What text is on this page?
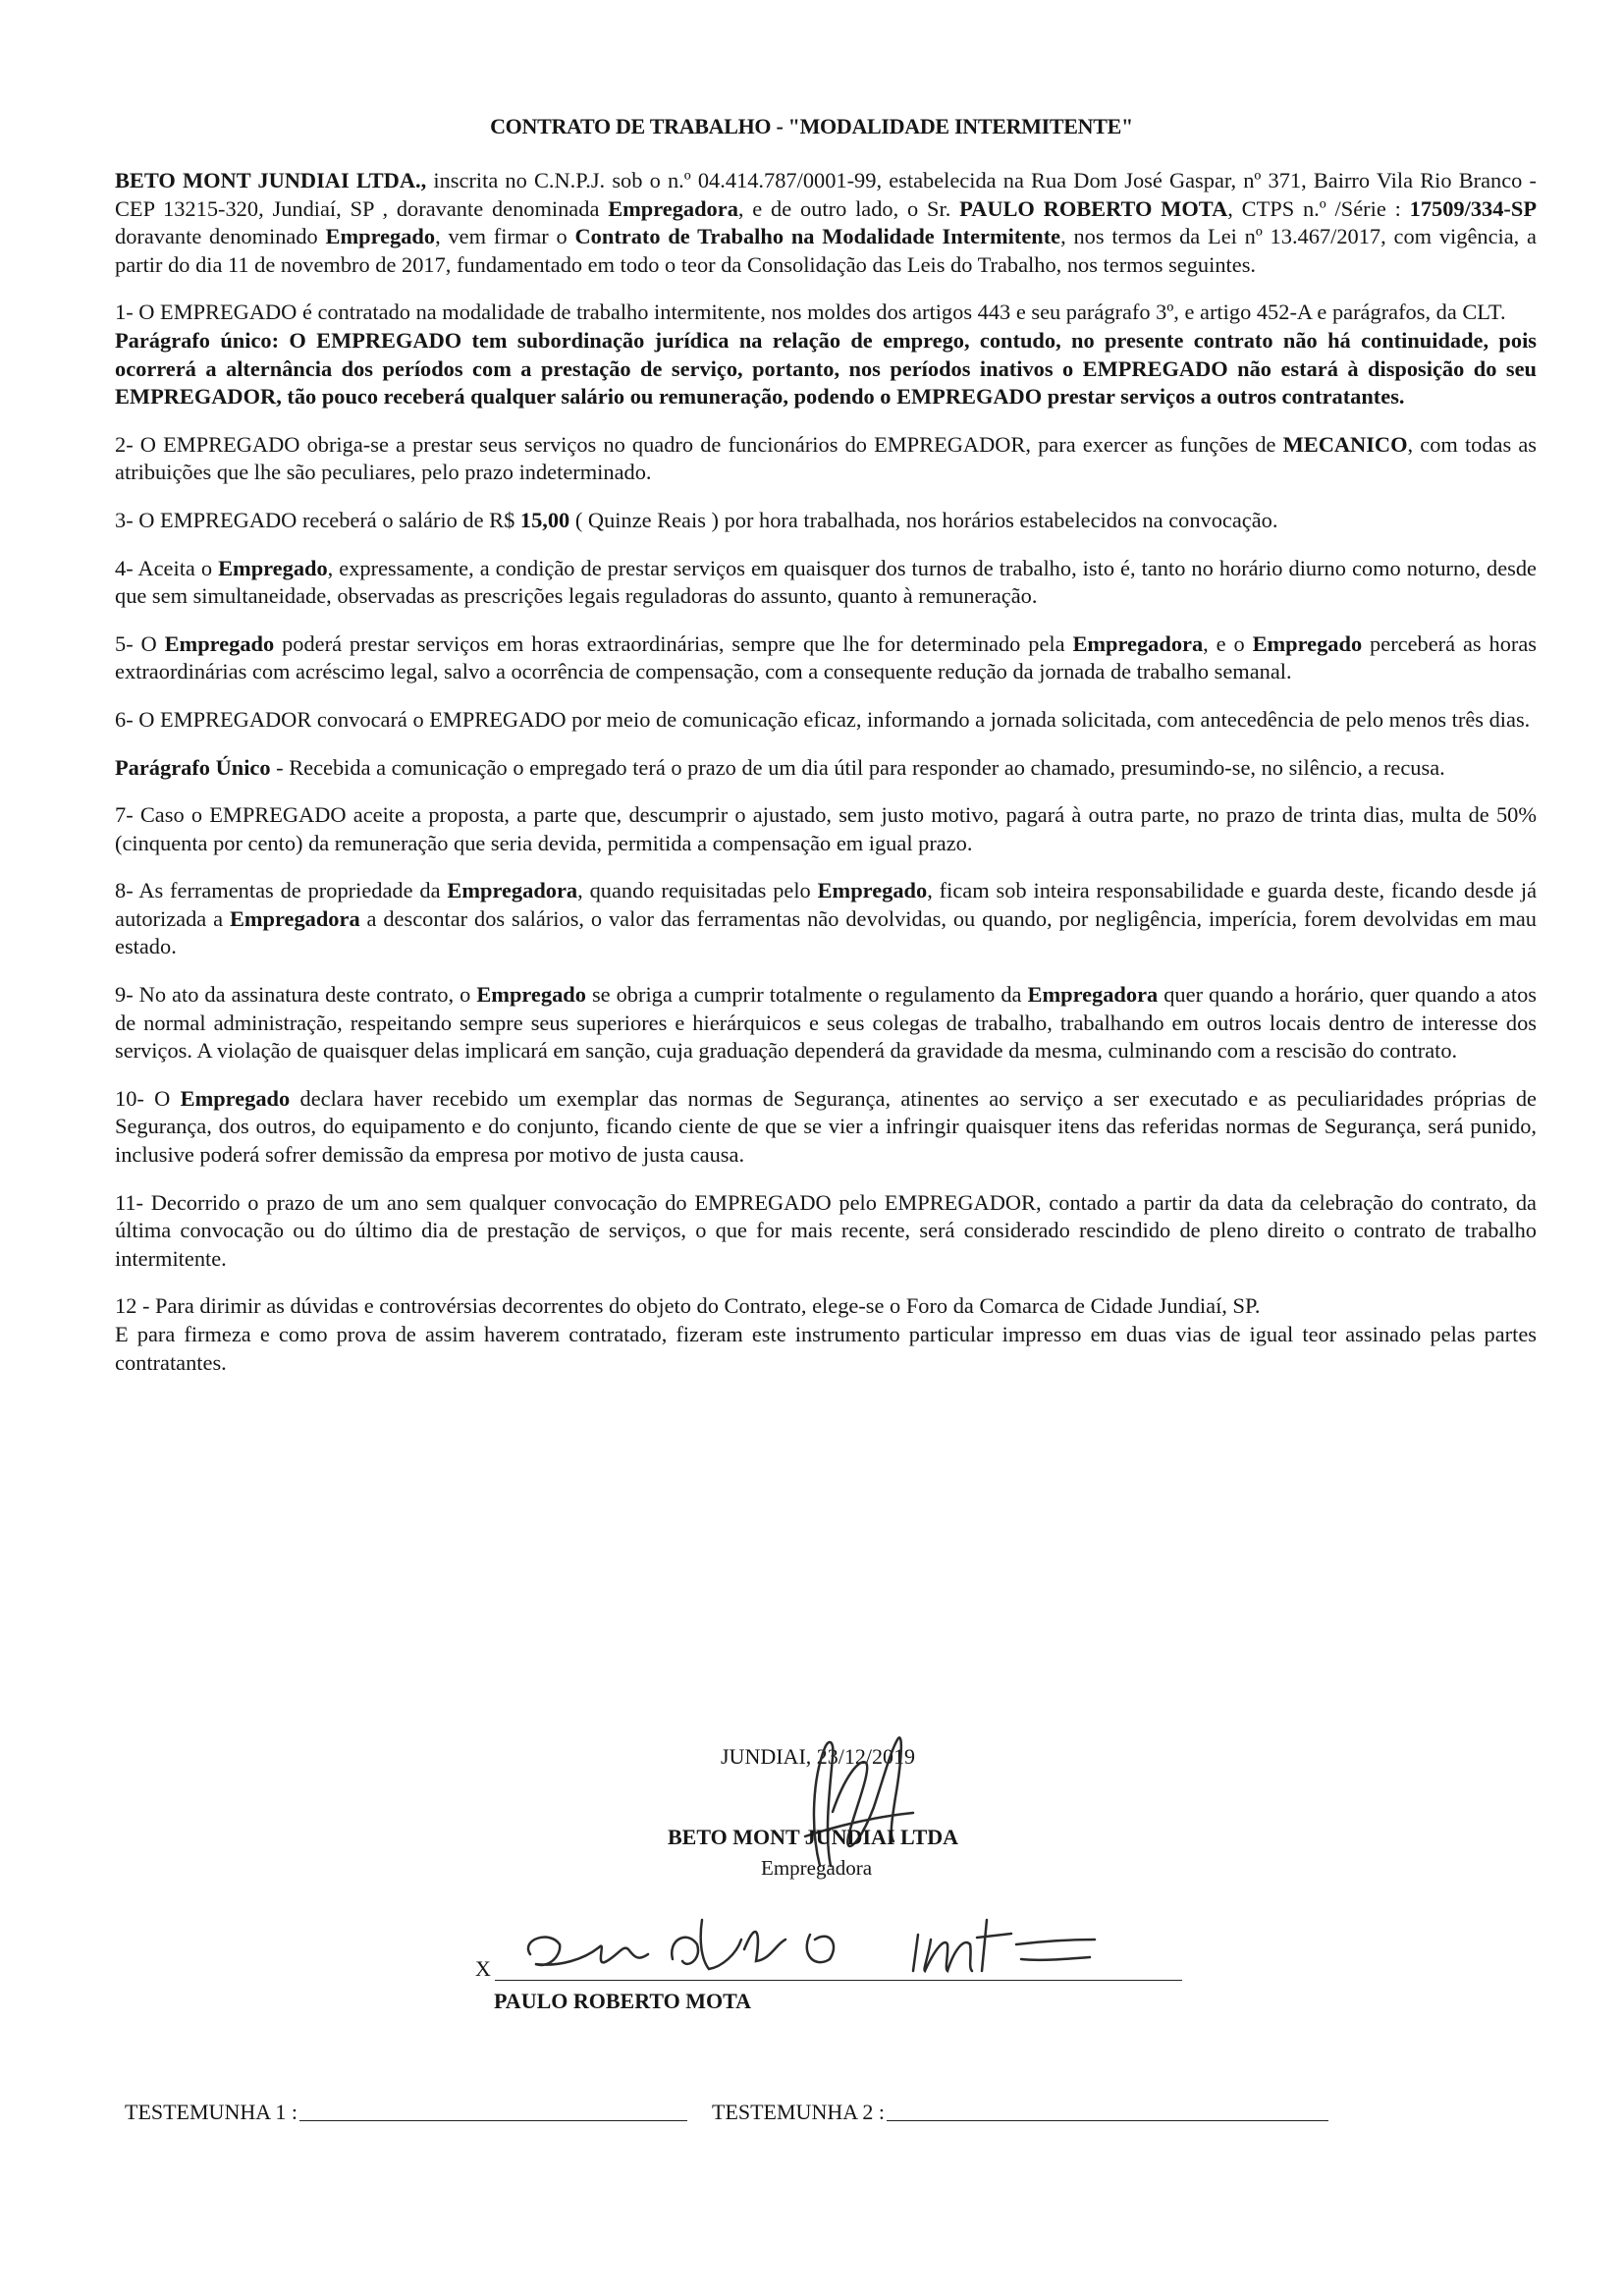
CONTRATO DE TRABALHO - "MODALIDADE INTERMITENTE"

BETO MONT JUNDIAI LTDA., inscrita no C.N.P.J. sob o n.º 04.414.787/0001-99, estabelecida na Rua Dom José Gaspar, nº 371, Bairro Vila Rio Branco - CEP 13215-320, Jundiaí, SP , doravante denominada Empregadora, e de outro lado, o Sr. PAULO ROBERTO MOTA, CTPS n.º /Série : 17509/334-SP doravante denominado Empregado, vem firmar o Contrato de Trabalho na Modalidade Intermitente, nos termos da Lei nº 13.467/2017, com vigência, a partir do dia 11 de novembro de 2017, fundamentado em todo o teor da Consolidação das Leis do Trabalho, nos termos seguintes.

1- O EMPREGADO é contratado na modalidade de trabalho intermitente, nos moldes dos artigos 443 e seu parágrafo 3º, e artigo 452-A e parágrafos, da CLT.

Parágrafo único: O EMPREGADO tem subordinação jurídica na relação de emprego, contudo, no presente contrato não há continuidade, pois ocorrerá a alternância dos períodos com a prestação de serviço, portanto, nos períodos inativos o EMPREGADO não estará à disposição do seu EMPREGADOR, tão pouco receberá qualquer salário ou remuneração, podendo o EMPREGADO prestar serviços a outros contratantes.

2- O EMPREGADO obriga-se a prestar seus serviços no quadro de funcionários do EMPREGADOR, para exercer as funções de MECANICO, com todas as atribuições que lhe são peculiares, pelo prazo indeterminado.

3- O EMPREGADO receberá o salário de R$ 15,00 ( Quinze Reais ) por hora trabalhada, nos horários estabelecidos na convocação.

4- Aceita o Empregado, expressamente, a condição de prestar serviços em quaisquer dos turnos de trabalho, isto é, tanto no horário diurno como noturno, desde que sem simultaneidade, observadas as prescrições legais reguladoras do assunto, quanto à remuneração.

5- O Empregado poderá prestar serviços em horas extraordinárias, sempre que lhe for determinado pela Empregadora, e o Empregado perceberá as horas extraordinárias com acréscimo legal, salvo a ocorrência de compensação, com a consequente redução da jornada de trabalho semanal.

6- O EMPREGADOR convocará o EMPREGADO por meio de comunicação eficaz, informando a jornada solicitada, com antecedência de pelo menos três dias.

Parágrafo Único - Recebida a comunicação o empregado terá o prazo de um dia útil para responder ao chamado, presumindo-se, no silêncio, a recusa.

7- Caso o EMPREGADO aceite a proposta, a parte que, descumprir o ajustado, sem justo motivo, pagará à outra parte, no prazo de trinta dias, multa de 50% (cinquenta por cento) da remuneração que seria devida, permitida a compensação em igual prazo.

8- As ferramentas de propriedade da Empregadora, quando requisitadas pelo Empregado, ficam sob inteira responsabilidade e guarda deste, ficando desde já autorizada a Empregadora a descontar dos salários, o valor das ferramentas não devolvidas, ou quando, por negligência, imperícia, forem devolvidas em mau estado.

9- No ato da assinatura deste contrato, o Empregado se obriga a cumprir totalmente o regulamento da Empregadora quer quando a horário, quer quando a atos de normal administração, respeitando sempre seus superiores e hierárquicos e seus colegas de trabalho, trabalhando em outros locais dentro de interesse dos serviços. A violação de quaisquer delas implicará em sanção, cuja graduação dependerá da gravidade da mesma, culminando com a rescisão do contrato.

10- O Empregado declara haver recebido um exemplar das normas de Segurança, atinentes ao serviço a ser executado e as peculiaridades próprias de Segurança, dos outros, do equipamento e do conjunto, ficando ciente de que se vier a infringir quaisquer itens das referidas normas de Segurança, será punido, inclusive poderá sofrer demissão da empresa por motivo de justa causa.

11- Decorrido o prazo de um ano sem qualquer convocação do EMPREGADO pelo EMPREGADOR, contado a partir da data da celebração do contrato, da última convocação ou do último dia de prestação de serviços, o que for mais recente, será considerado rescindido de pleno direito o contrato de trabalho intermitente.

12 - Para dirimir as dúvidas e controvérsias decorrentes do objeto do Contrato, elege-se o Foro da Comarca de Cidade Jundiaí, SP.

E para firmeza e como prova de assim haverem contratado, fizeram este instrumento particular impresso em duas vias de igual teor assinado pelas partes contratantes.

JUNDIAI, 23/12/2019
BETO MONT JUNDIAI LTDA
Empregadora
X
PAULO ROBERTO MOTA
TESTEMUNHA 1 :	TESTEMUNHA 2 :
